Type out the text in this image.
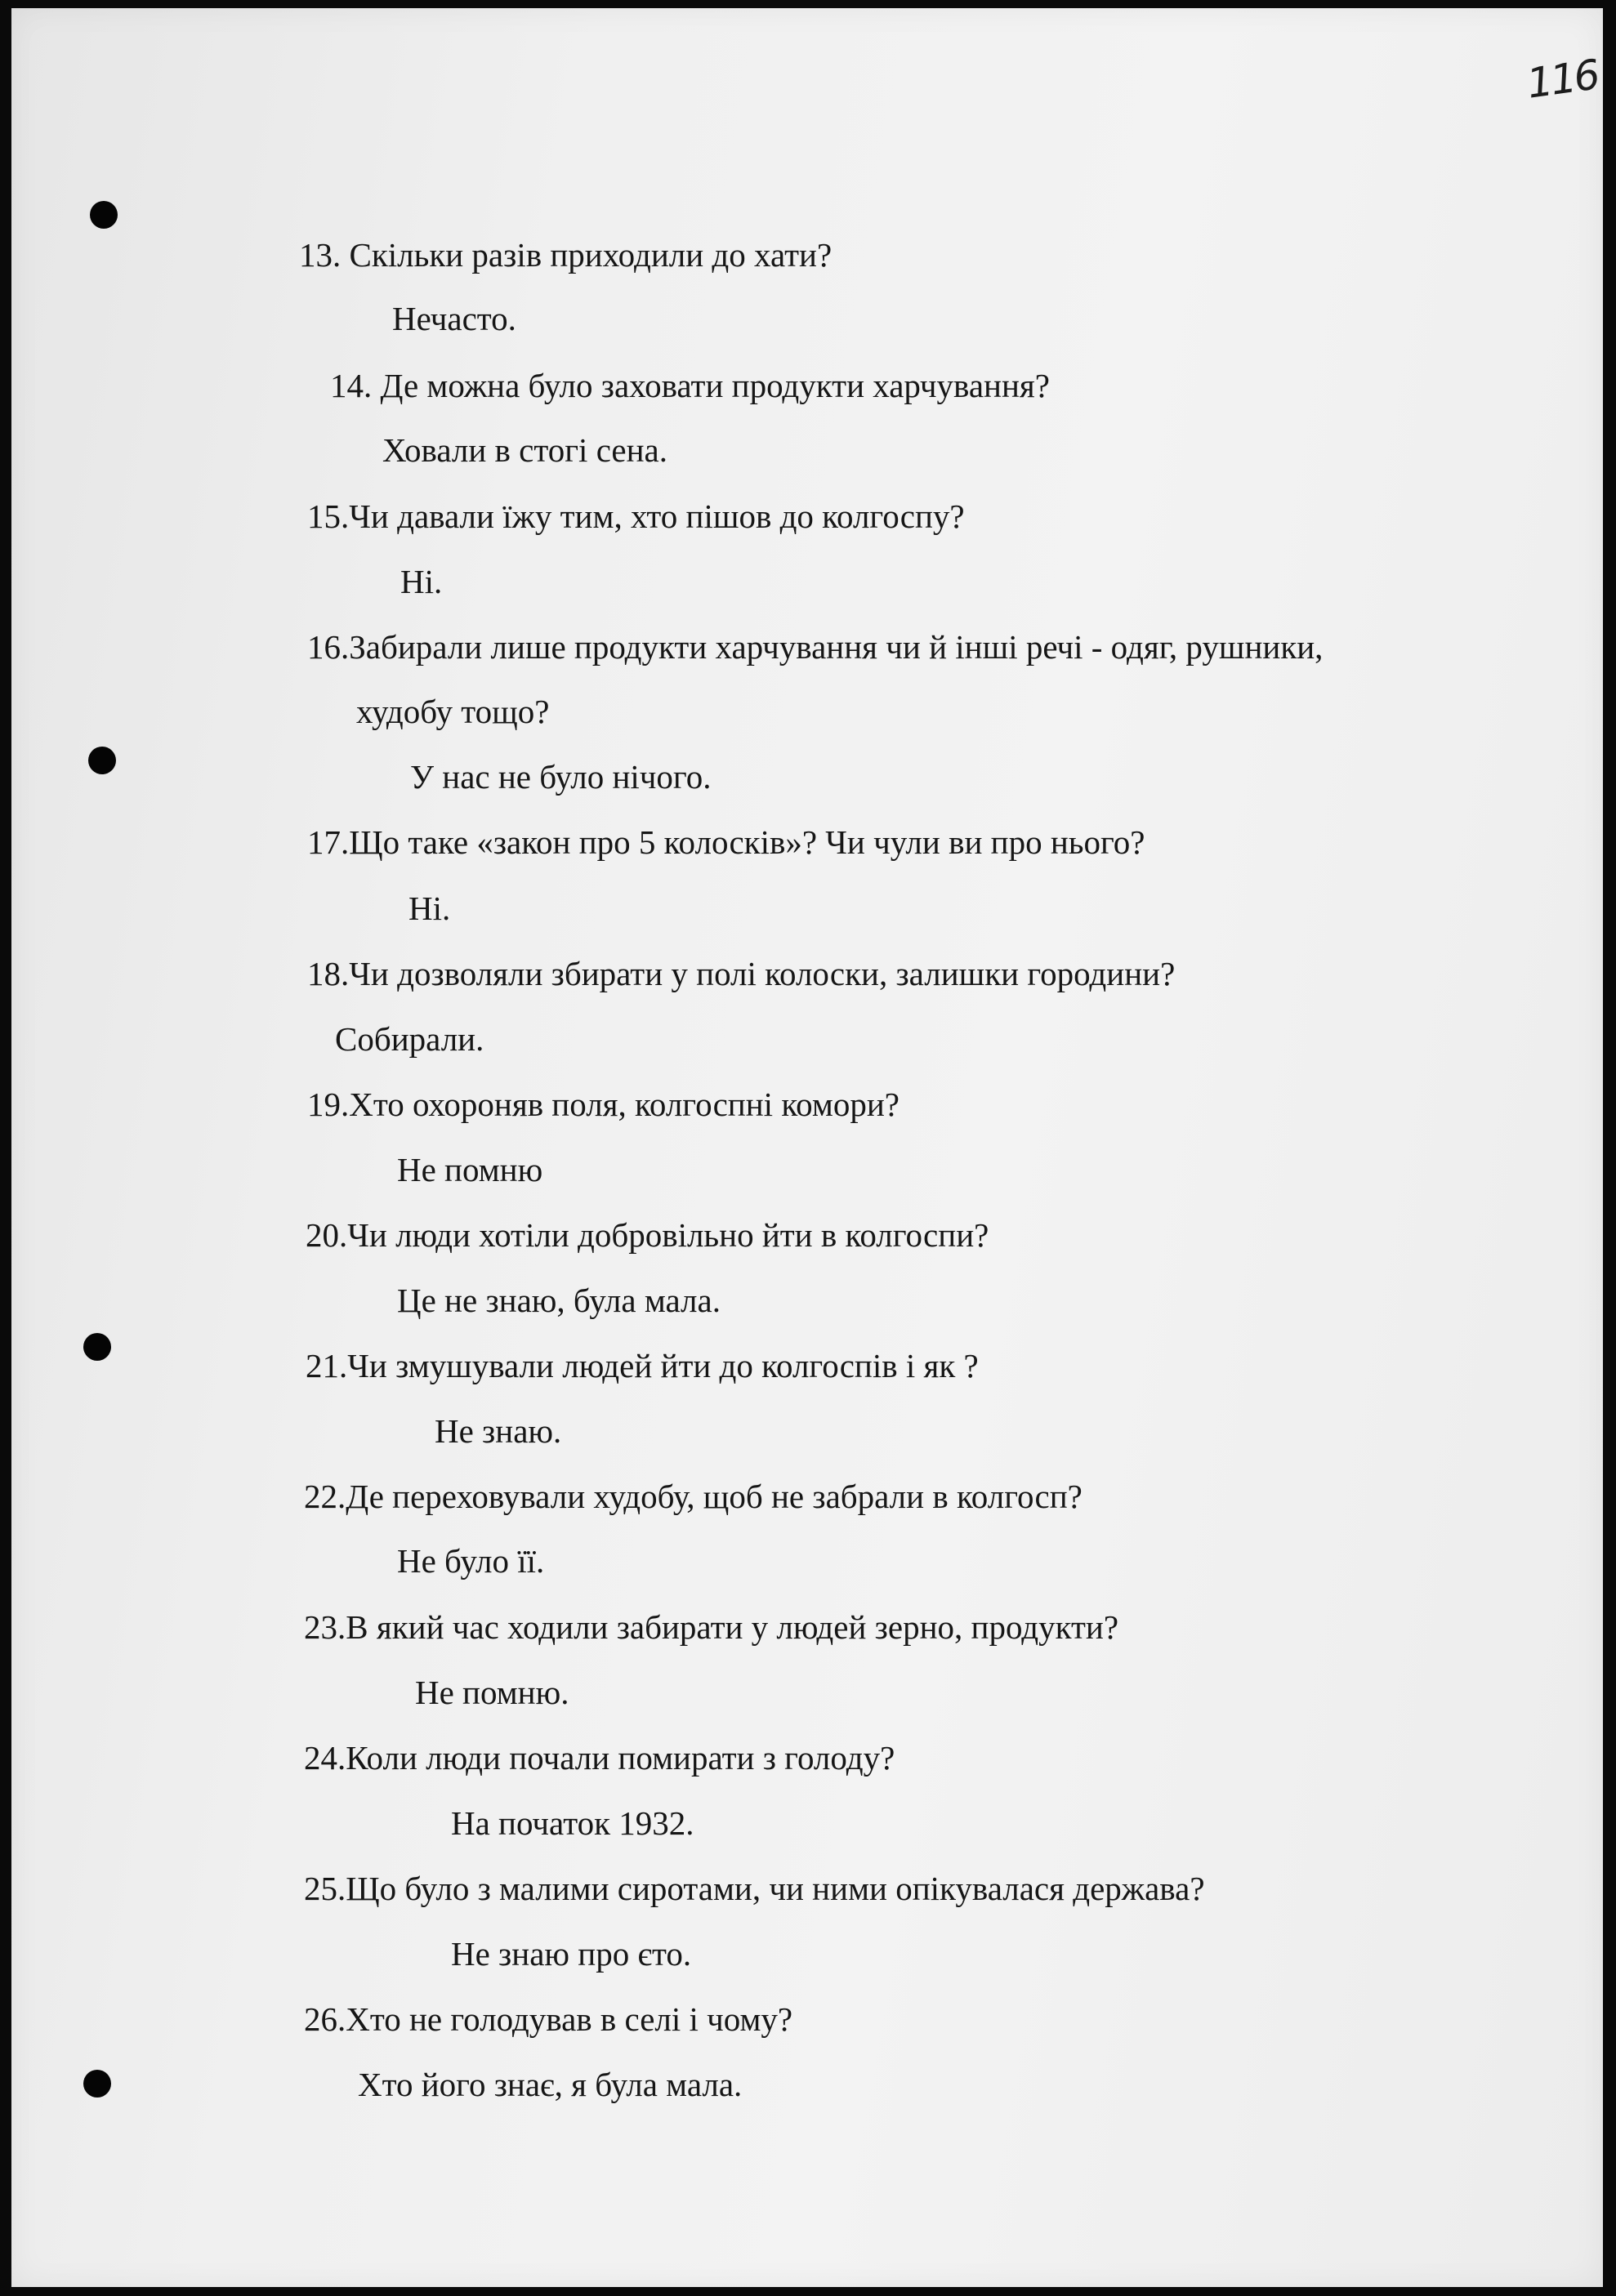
116
13. Скільки разів приходили до хати?
Нечасто.
14. Де можна було заховати продукти харчування?
Ховали в стогі сена.
15.Чи давали їжу тим, хто пішов до колгоспу?
Ні.
16.Забирали лише продукти харчування чи й інші речі - одяг, рушники,
худобу тощо?
У нас не було нічого.
17.Що таке «закон про 5 колосків»? Чи чули ви про нього?
Ні.
18.Чи дозволяли збирати у полі колоски, залишки городини?
Собирали.
19.Хто охороняв поля, колгоспні комори?
Не помню
20.Чи люди хотіли добровільно йти в колгоспи?
Це не знаю, була мала.
21.Чи змушували людей йти до колгоспів і як ?
Не знаю.
22.Де переховували худобу, щоб не забрали в колгосп?
Не було її.
23.В який час ходили забирати у людей зерно, продукти?
Не помню.
24.Коли люди почали помирати з голоду?
На початок 1932.
25.Що було з малими сиротами, чи ними опікувалася держава?
Не знаю про єто.
26.Хто не голодував в селі і чому?
Хто його знає, я була мала.
